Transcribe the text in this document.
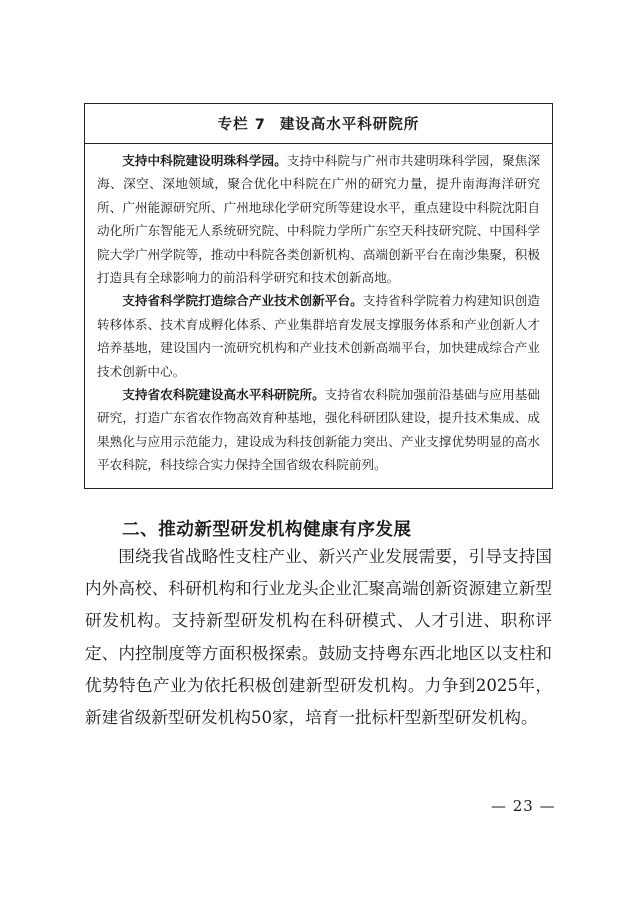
专栏 7 建设高水平科研院所

支持中科院建设明珠科学园。支持中科院与广州市共建明珠科学园，聚焦深海、深空、深地领域，聚合优化中科院在广州的研究力量，提升南海海洋研究所、广州能源研究所、广州地球化学研究所等建设水平，重点建设中科院沈阳自动化所广东智能无人系统研究院、中科院力学所广东空天科技研究院、中国科学院大学广州学院等，推动中科院各类创新机构、高端创新平台在南沙集聚，积极打造具有全球影响力的前沿科学研究和技术创新高地。

支持省科学院打造综合产业技术创新平台。支持省科学院着力构建知识创造转移体系、技术育成孵化体系、产业集群培育发展支撑服务体系和产业创新人才培养基地，建设国内一流研究机构和产业技术创新高端平台，加快建成综合产业技术创新中心。

支持省农科院建设高水平科研院所。支持省农科院加强前沿基础与应用基础研究，打造广东省农作物高效育种基地，强化科研团队建设，提升技术集成、成果熟化与应用示范能力，建设成为科技创新能力突出、产业支撑优势明显的高水平农科院，科技综合实力保持全国省级农科院前列。

二、推动新型研发机构健康有序发展

围绕我省战略性支柱产业、新兴产业发展需要，引导支持国内外高校、科研机构和行业龙头企业汇聚高端创新资源建立新型研发机构。支持新型研发机构在科研模式、人才引进、职称评定、内控制度等方面积极探索。鼓励支持粤东西北地区以支柱和优势特色产业为依托积极创建新型研发机构。力争到2025年，新建省级新型研发机构50家，培育一批标杆型新型研发机构。

— 23 —
